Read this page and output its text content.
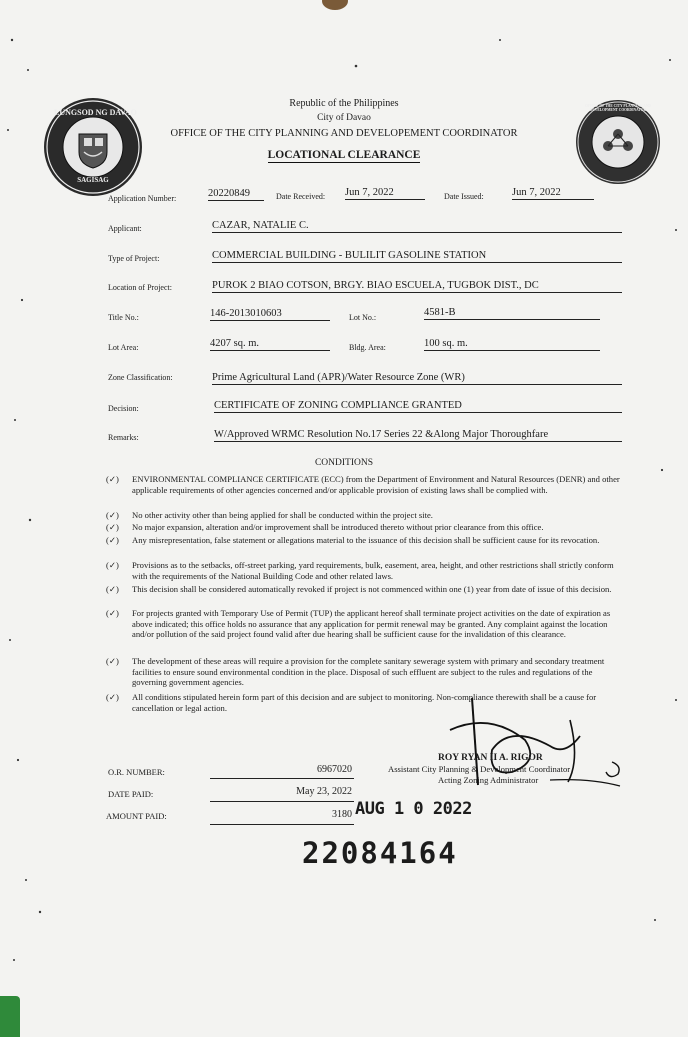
LUNGSOD NG DAVAO
SAGISAG
OFFICE OF THE CITY PLANNING AND DEVELOPMENT COORDINATOR
Republic of the Philippines
City of Davao
OFFICE OF THE CITY PLANNING AND DEVELOPEMENT COORDINATOR
LOCATIONAL CLEARANCE
Application Number:	20220849	Date Received: Jun 7, 2022	Date Issued:	Jun 7, 2022
Applicant:	CAZAR, NATALIE C.
Type of Project:	COMMERCIAL BUILDING - BULILIT GASOLINE STATION
Location of Project:	PUROK 2 BIAO COTSON, BRGY. BIAO ESCUELA, TUGBOK DIST., DC
Title No.:	146-2013010603	Lot No.:	4581-B
Lot Area:	4207 sq. m.	Bldg. Area:	100 sq. m.
Zone Classification:	Prime Agricultural Land (APR)/Water Resource Zone (WR)
Decision:	CERTIFICATE OF ZONING COMPLIANCE GRANTED
Remarks:	W/Approved WRMC Resolution No.17 Series 22 &Along Major Thoroughfare
CONDITIONS
(✓) ENVIRONMENTAL COMPLIANCE CERTIFICATE (ECC) from the Department of Environment and Natural Resources (DENR) and other applicable requirements of other agencies concerned and/or applicable provision of existing laws shall be complied with.
(✓) No other activity other than being applied for shall be conducted within the project site.
(✓) No major expansion, alteration and/or improvement shall be introduced thereto without prior clearance from this office.
(✓) Any misrepresentation, false statement or allegations material to the issuance of this decision shall be sufficient cause for its revocation.
(✓) Provisions as to the setbacks, off-street parking, yard requirements, bulk, easement, area, height, and other restrictions shall strictly conform with the requirements of the National Building Code and other related laws.
(✓) This decision shall be considered automatically revoked if project is not commenced within one (1) year from date of issue of this decision.
(✓) For projects granted with Temporary Use of Permit (TUP) the applicant hereof shall terminate project activities on the date of expiration as above indicated; this office holds no assurance that any application for permit renewal may be granted. Any complaint against the location and/or pollution of the said project found valid after due hearing shall be sufficient cause for the invalidation of this clearance.
(✓) The development of these areas will require a provision for the complete sanitary sewerage system with primary and secondary treatment facilities to ensure sound environmental condition in the place. Disposal of such effluent are subject to the rules and regulations of the governing government agencies.
(✓) All conditions stipulated herein form part of this decision and are subject to monitoring. Non-compliance therewith shall be a cause for cancellation or legal action.
ROY RYAN II A. RIGOR
Assistant City Planning & Development Coordinator
Acting Zoning Administrator
O.R. NUMBER:	6967020
DATE PAID:	May 23, 2022
AMOUNT PAID:	3180 AUG 1 0 2022
22084164
